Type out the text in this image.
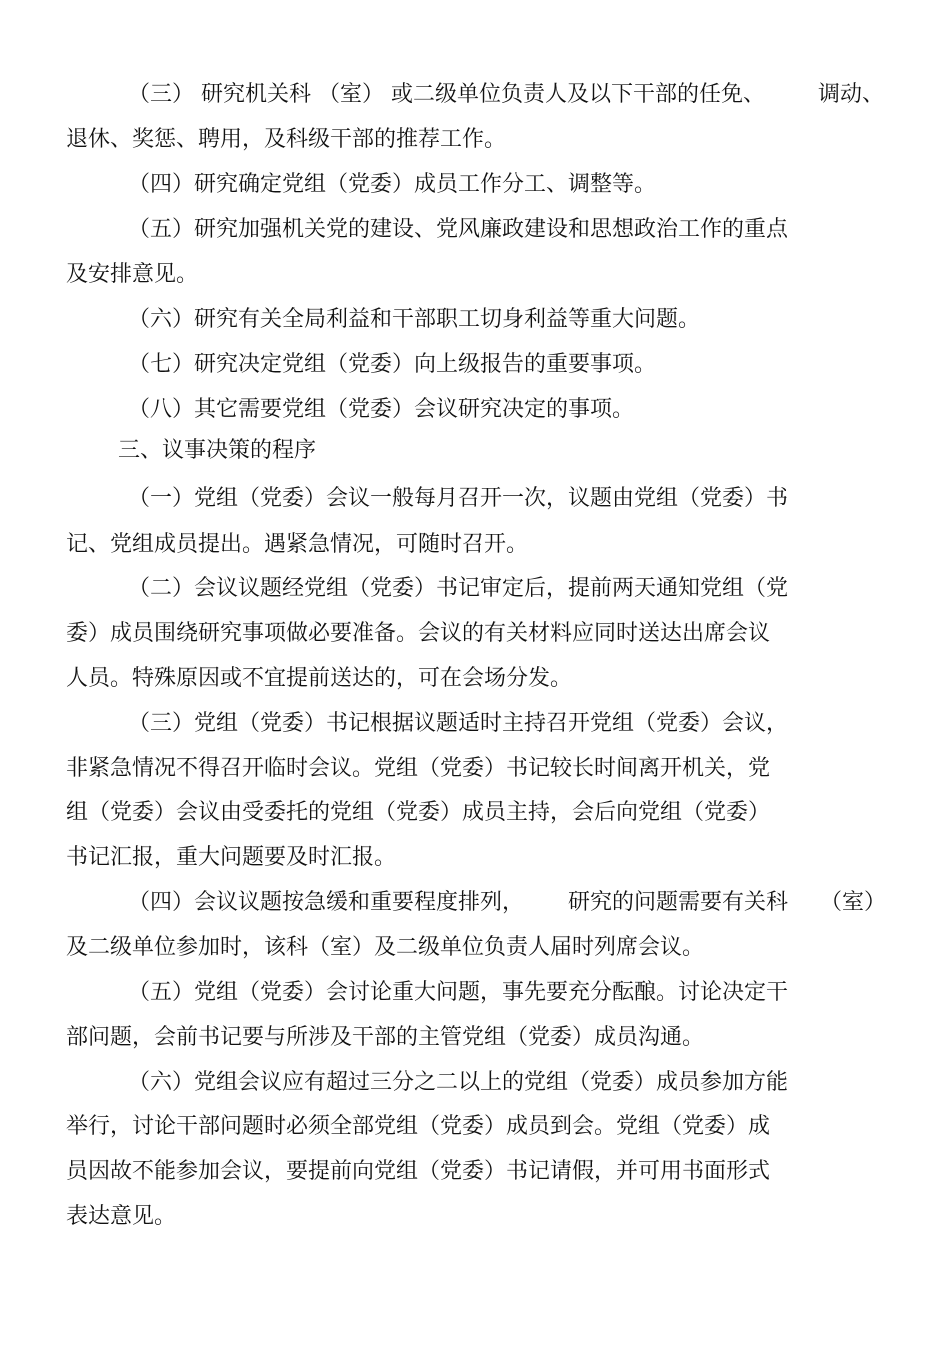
（三） 研究机关科 （室） 或二级单位负责人及以下干部的任免、 调动、
退休、奖惩、聘用，及科级干部的推荐工作。
（四）研究确定党组（党委）成员工作分工、调整等。
（五）研究加强机关党的建设、党风廉政建设和思想政治工作的重点
及安排意见。
（六）研究有关全局利益和干部职工切身利益等重大问题。
（七）研究决定党组（党委）向上级报告的重要事项。
（八）其它需要党组（党委）会议研究决定的事项。
三、议事决策的程序
（一）党组（党委）会议一般每月召开一次，议题由党组（党委）书
记、党组成员提出。遇紧急情况，可随时召开。
（二）会议议题经党组（党委）书记审定后，提前两天通知党组（党
委）成员围绕研究事项做必要准备。会议的有关材料应同时送达出席会议
人员。特殊原因或不宜提前送达的，可在会场分发。
（三）党组（党委）书记根据议题适时主持召开党组（党委）会议，
非紧急情况不得召开临时会议。党组（党委）书记较长时间离开机关，党
组（党委）会议由受委托的党组（党委）成员主持，会后向党组（党委）
书记汇报，重大问题要及时汇报。
（四）会议议题按急缓和重要程度排列， 研究的问题需要有关科 （室）
及二级单位参加时，该科（室）及二级单位负责人届时列席会议。
（五）党组（党委）会讨论重大问题，事先要充分酝酿。讨论决定干
部问题，会前书记要与所涉及干部的主管党组（党委）成员沟通。
（六）党组会议应有超过三分之二以上的党组（党委）成员参加方能
举行，讨论干部问题时必须全部党组（党委）成员到会。党组（党委）成
员因故不能参加会议，要提前向党组（党委）书记请假，并可用书面形式
表达意见。
